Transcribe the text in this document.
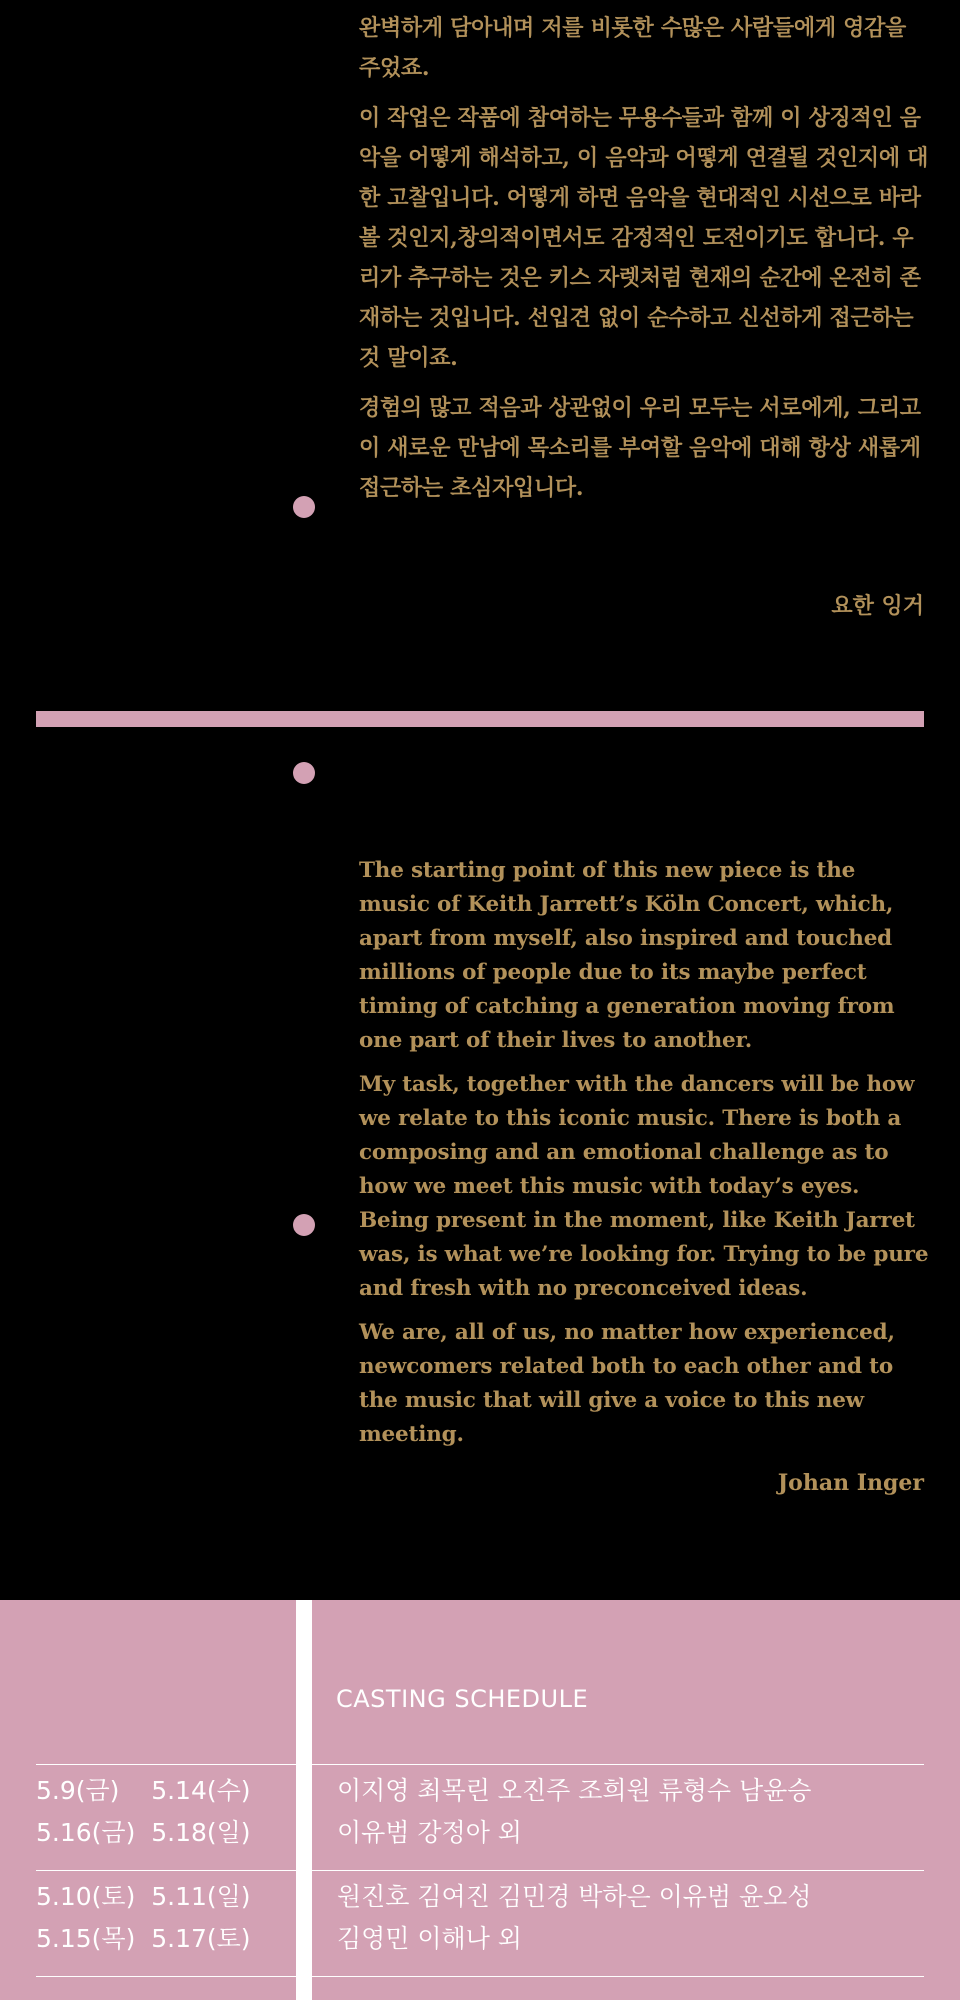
완벽하게 담아내며 저를 비롯한 수많은 사람들에게 영감을 주었죠.

이 작업은 작품에 참여하는 무용수들과 함께 이 상징적인 음악을 어떻게 해석하고, 이 음악과 어떻게 연결될 것인지에 대한 고찰입니다. 어떻게 하면 음악을 현대적인 시선으로 바라볼 것인지,창의적이면서도 감정적인 도전이기도 합니다. 우리가 추구하는 것은 키스 자렛처럼 현재의 순간에 온전히 존재하는 것입니다. 선입견 없이 순수하고 신선하게 접근하는 것 말이죠.

경험의 많고 적음과 상관없이 우리 모두는 서로에게, 그리고 이 새로운 만남에 목소리를 부여할 음악에 대해 항상 새롭게 접근하는 초심자입니다.

요한 잉거

The starting point of this new piece is the music of Keith Jarrett’s Köln Concert, which, apart from myself, also inspired and touched millions of people due to its maybe perfect timing of catching a generation moving from one part of their lives to another.

My task, together with the dancers will be how we relate to this iconic music. There is both a composing and an emotional challenge as to how we meet this music with today’s eyes. Being present in the moment, like Keith Jarret was, is what we’re looking for. Trying to be pure and fresh with no preconceived ideas.

We are, all of us, no matter how experienced, newcomers related both to each other and to the music that will give a voice to this new meeting.

Johan Inger
CASTING SCHEDULE
5.9(금)    5.14(수)
5.16(금)  5.18(일)
이지영 최목린 오진주 조희원 류형수 남윤승
이유범 강정아 외
5.10(토)  5.11(일)
5.15(목)  5.17(토)
원진호 김여진 김민경 박하은 이유범 윤오성
김영민 이해나 외
